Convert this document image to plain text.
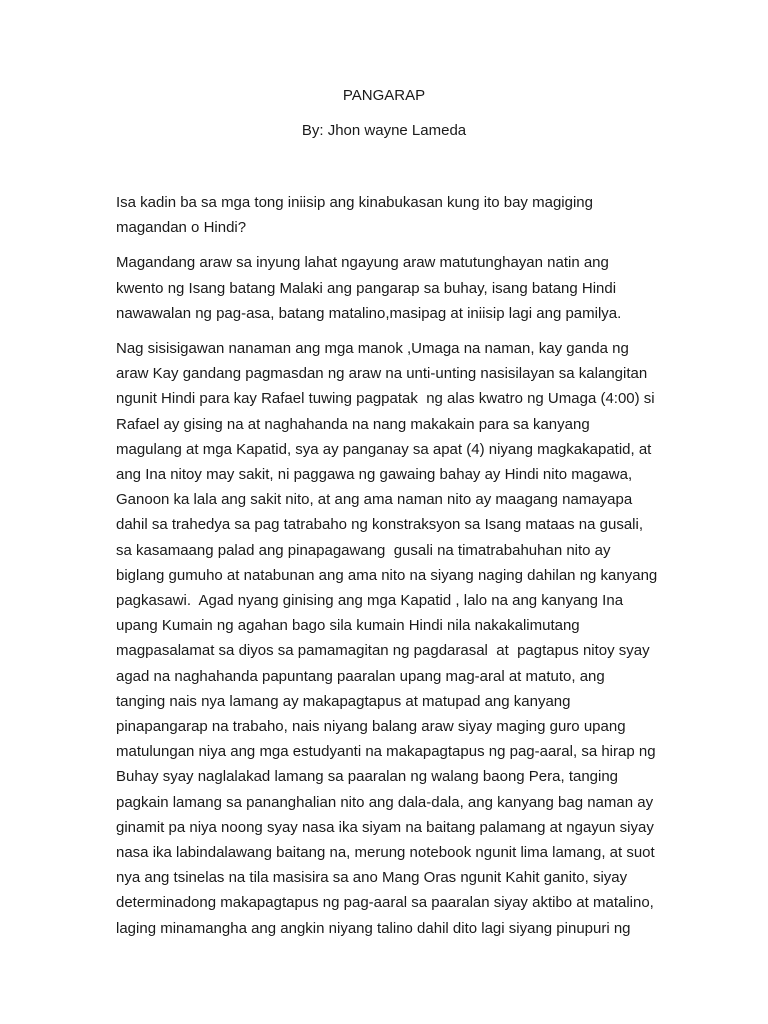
PANGARAP
By: Jhon wayne Lameda

Isa kadin ba sa mga tong iniisip ang kinabukasan kung ito bay magiging
magandan o Hindi?

Magandang araw sa inyung lahat ngayung araw matutunghayan natin ang
kwento ng Isang batang Malaki ang pangarap sa buhay, isang batang Hindi
nawawalan ng pag-asa, batang matalino,masipag at iniisip lagi ang pamilya.

Nag sisisigawan nanaman ang mga manok ,Umaga na naman, kay ganda ng
araw Kay gandang pagmasdan ng araw na unti-unting nasisilayan sa kalangitan
ngunit Hindi para kay Rafael tuwing pagpatak  ng alas kwatro ng Umaga (4:00) si
Rafael ay gising na at naghahanda na nang makakain para sa kanyang
magulang at mga Kapatid, sya ay panganay sa apat (4) niyang magkakapatid, at
ang Ina nitoy may sakit, ni paggawa ng gawaing bahay ay Hindi nito magawa,
Ganoon ka lala ang sakit nito, at ang ama naman nito ay maagang namayapa
dahil sa trahedya sa pag tatrabaho ng konstraksyon sa Isang mataas na gusali,
sa kasamaang palad ang pinapagawang  gusali na timatrabahuhan nito ay
biglang gumuho at natabunan ang ama nito na siyang naging dahilan ng kanyang
pagkasawi.  Agad nyang ginising ang mga Kapatid , lalo na ang kanyang Ina
upang Kumain ng agahan bago sila kumain Hindi nila nakakalimutang
magpasalamat sa diyos sa pamamagitan ng pagdarasal  at  pagtapus nitoy syay
agad na naghahanda papuntang paaralan upang mag-aral at matuto, ang
tanging nais nya lamang ay makapagtapus at matupad ang kanyang
pinapangarap na trabaho, nais niyang balang araw siyay maging guro upang
matulungan niya ang mga estudyanti na makapagtapus ng pag-aaral, sa hirap ng
Buhay syay naglalakad lamang sa paaralan ng walang baong Pera, tanging
pagkain lamang sa pananghalian nito ang dala-dala, ang kanyang bag naman ay
ginamit pa niya noong syay nasa ika siyam na baitang palamang at ngayun siyay
nasa ika labindalawang baitang na, merung notebook ngunit lima lamang, at suot
nya ang tsinelas na tila masisira sa ano Mang Oras ngunit Kahit ganito, siyay
determinadong makapagtapus ng pag-aaral sa paaralan siyay aktibo at matalino,
laging minamangha ang angkin niyang talino dahil dito lagi siyang pinupuri ng
